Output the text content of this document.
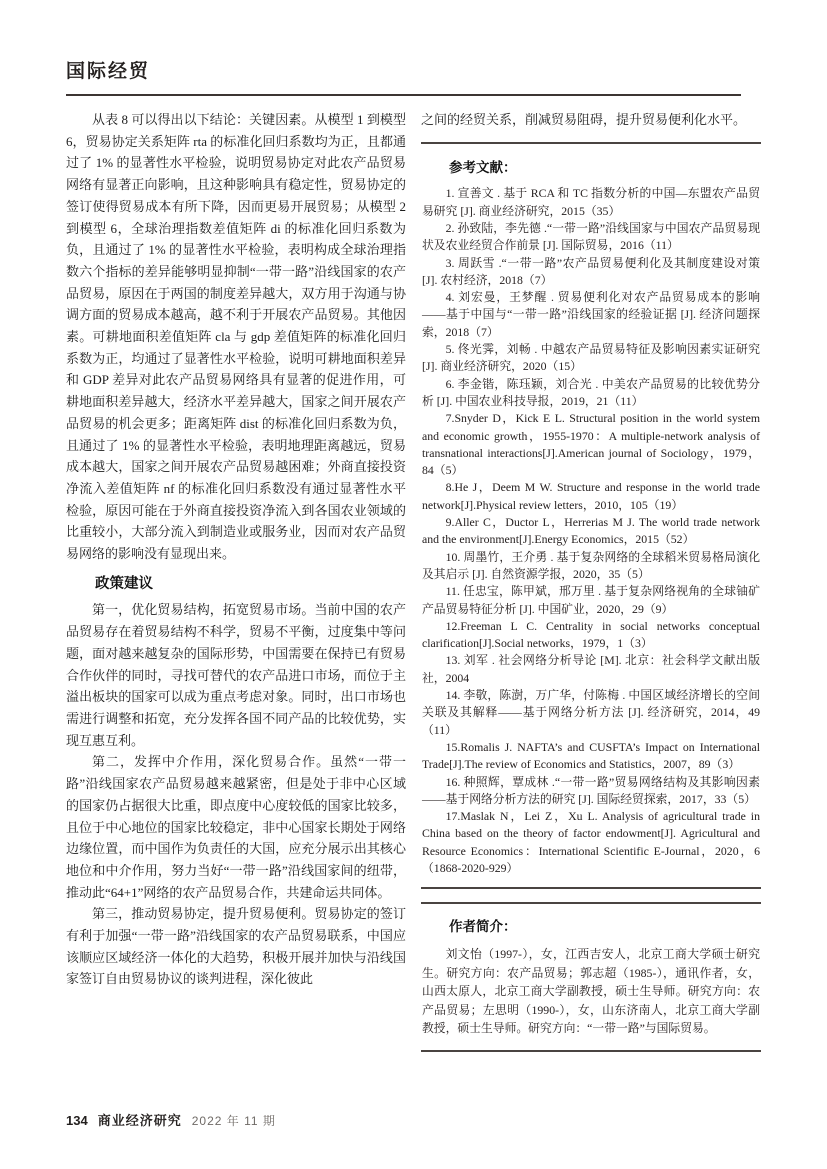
国际经贸

从表 8 可以得出以下结论：关键因素。从模型 1 到模型 6，贸易协定关系矩阵 rta 的标准化回归系数均为正，且都通过了 1% 的显著性水平检验，说明贸易协定对此农产品贸易网络有显著正向影响，且这种影响具有稳定性，贸易协定的签订使得贸易成本有所下降，因而更易开展贸易；从模型 2 到模型 6，全球治理指数差值矩阵 di 的标准化回归系数为负，且通过了 1% 的显著性水平检验，表明构成全球治理指数六个指标的差异能够明显抑制“一带一路”沿线国家的农产品贸易，原因在于两国的制度差异越大，双方用于沟通与协调方面的贸易成本越高，越不利于开展农产品贸易。其他因素。可耕地面积差值矩阵 cla 与 gdp 差值矩阵的标准化回归系数为正，均通过了显著性水平检验，说明可耕地面积差异和 GDP 差异对此农产品贸易网络具有显著的促进作用，可耕地面积差异越大，经济水平差异越大，国家之间开展农产品贸易的机会更多；距离矩阵 dist 的标准化回归系数为负，且通过了 1% 的显著性水平检验，表明地理距离越远，贸易成本越大，国家之间开展农产品贸易越困难；外商直接投资净流入差值矩阵 nf 的标准化回归系数没有通过显著性水平检验，原因可能在于外商直接投资净流入到各国农业领域的比重较小，大部分流入到制造业或服务业，因而对农产品贸易网络的影响没有显现出来。

政策建议

第一，优化贸易结构，拓宽贸易市场。当前中国的农产品贸易存在着贸易结构不科学，贸易不平衡，过度集中等问题，面对越来越复杂的国际形势，中国需要在保持已有贸易合作伙伴的同时，寻找可替代的农产品进口市场，而位于主溢出板块的国家可以成为重点考虑对象。同时，出口市场也需进行调整和拓宽，充分发挥各国不同产品的比较优势，实现互惠互利。

第二，发挥中介作用，深化贸易合作。虽然“一带一路”沿线国家农产品贸易越来越紧密，但是处于非中心区域的国家仍占据很大比重，即点度中心度较低的国家比较多，且位于中心地位的国家比较稳定，非中心国家长期处于网络边缘位置，而中国作为负责任的大国，应充分展示出其核心地位和中介作用，努力当好“一带一路”沿线国家间的纽带，推动此“64+1”网络的农产品贸易合作，共建命运共同体。

第三，推动贸易协定，提升贸易便利。贸易协定的签订有利于加强“一带一路”沿线国家的农产品贸易联系，中国应该顺应区域经济一体化的大趋势，积极开展并加快与沿线国家签订自由贸易协议的谈判进程，深化彼此

之间的经贸关系，削减贸易阻碍，提升贸易便利化水平。

参考文献：

1. 宣善文 . 基于 RCA 和 TC 指数分析的中国—东盟农产品贸易研究 [J]. 商业经济研究，2015（35）

2. 孙致陆，李先德 .“一带一路”沿线国家与中国农产品贸易现状及农业经贸合作前景 [J]. 国际贸易，2016（11）

3. 周跃雪 .“一带一路”农产品贸易便利化及其制度建设对策 [J]. 农村经济，2018（7）

4. 刘宏曼，王梦醒 . 贸易便利化对农产品贸易成本的影响——基于中国与“一带一路”沿线国家的经验证据 [J]. 经济问题探索，2018（7）

5. 佟光霁，刘畅 . 中越农产品贸易特征及影响因素实证研究 [J]. 商业经济研究，2020（15）

6. 李金锴，陈珏颖，刘合光 . 中美农产品贸易的比较优势分析 [J]. 中国农业科技导报，2019，21（11）

7.Snyder D，Kick E L. Structural position in the world system and economic growth，1955-1970：A multiple-network analysis of transnational interactions[J].American journal of Sociology，1979，84（5）

8.He J，Deem M W. Structure and response in the world trade network[J].Physical review letters，2010，105（19）

9.Aller C，Ductor L，Herrerias M J. The world trade network and the environment[J].Energy Economics，2015（52）

10. 周墨竹，王介勇 . 基于复杂网络的全球稻米贸易格局演化及其启示 [J]. 自然资源学报，2020，35（5）

11. 任忠宝，陈甲斌，邢万里 . 基于复杂网络视角的全球铀矿产品贸易特征分析 [J]. 中国矿业，2020，29（9）

12.Freeman L C. Centrality in social networks conceptual clarification[J].Social networks，1979，1（3）

13. 刘军 . 社会网络分析导论 [M]. 北京：社会科学文献出版社，2004

14. 李敬，陈澍，万广华，付陈梅 . 中国区域经济增长的空间关联及其解释——基于网络分析方法 [J]. 经济研究，2014，49（11）

15.Romalis J. NAFTA’s and CUSFTA’s Impact on International Trade[J].The review of Economics and Statistics，2007，89（3）

16. 种照辉，覃成林 .“一带一路”贸易网络结构及其影响因素——基于网络分析方法的研究 [J]. 国际经贸探索，2017，33（5）

17.Maslak N，Lei Z，Xu L. Analysis of agricultural trade in China based on the theory of factor endowment[J]. Agricultural and Resource Economics：International Scientific E-Journal，2020，6（1868-2020-929）

作者简介：

刘文怡（1997-），女，江西吉安人，北京工商大学硕士研究生。研究方向：农产品贸易；郭志超（1985-），通讯作者，女，山西太原人，北京工商大学副教授，硕士生导师。研究方向：农产品贸易；左思明（1990-），女，山东济南人，北京工商大学副教授，硕士生导师。研究方向：“一带一路”与国际贸易。

134 商业经济研究 2022 年 11 期
